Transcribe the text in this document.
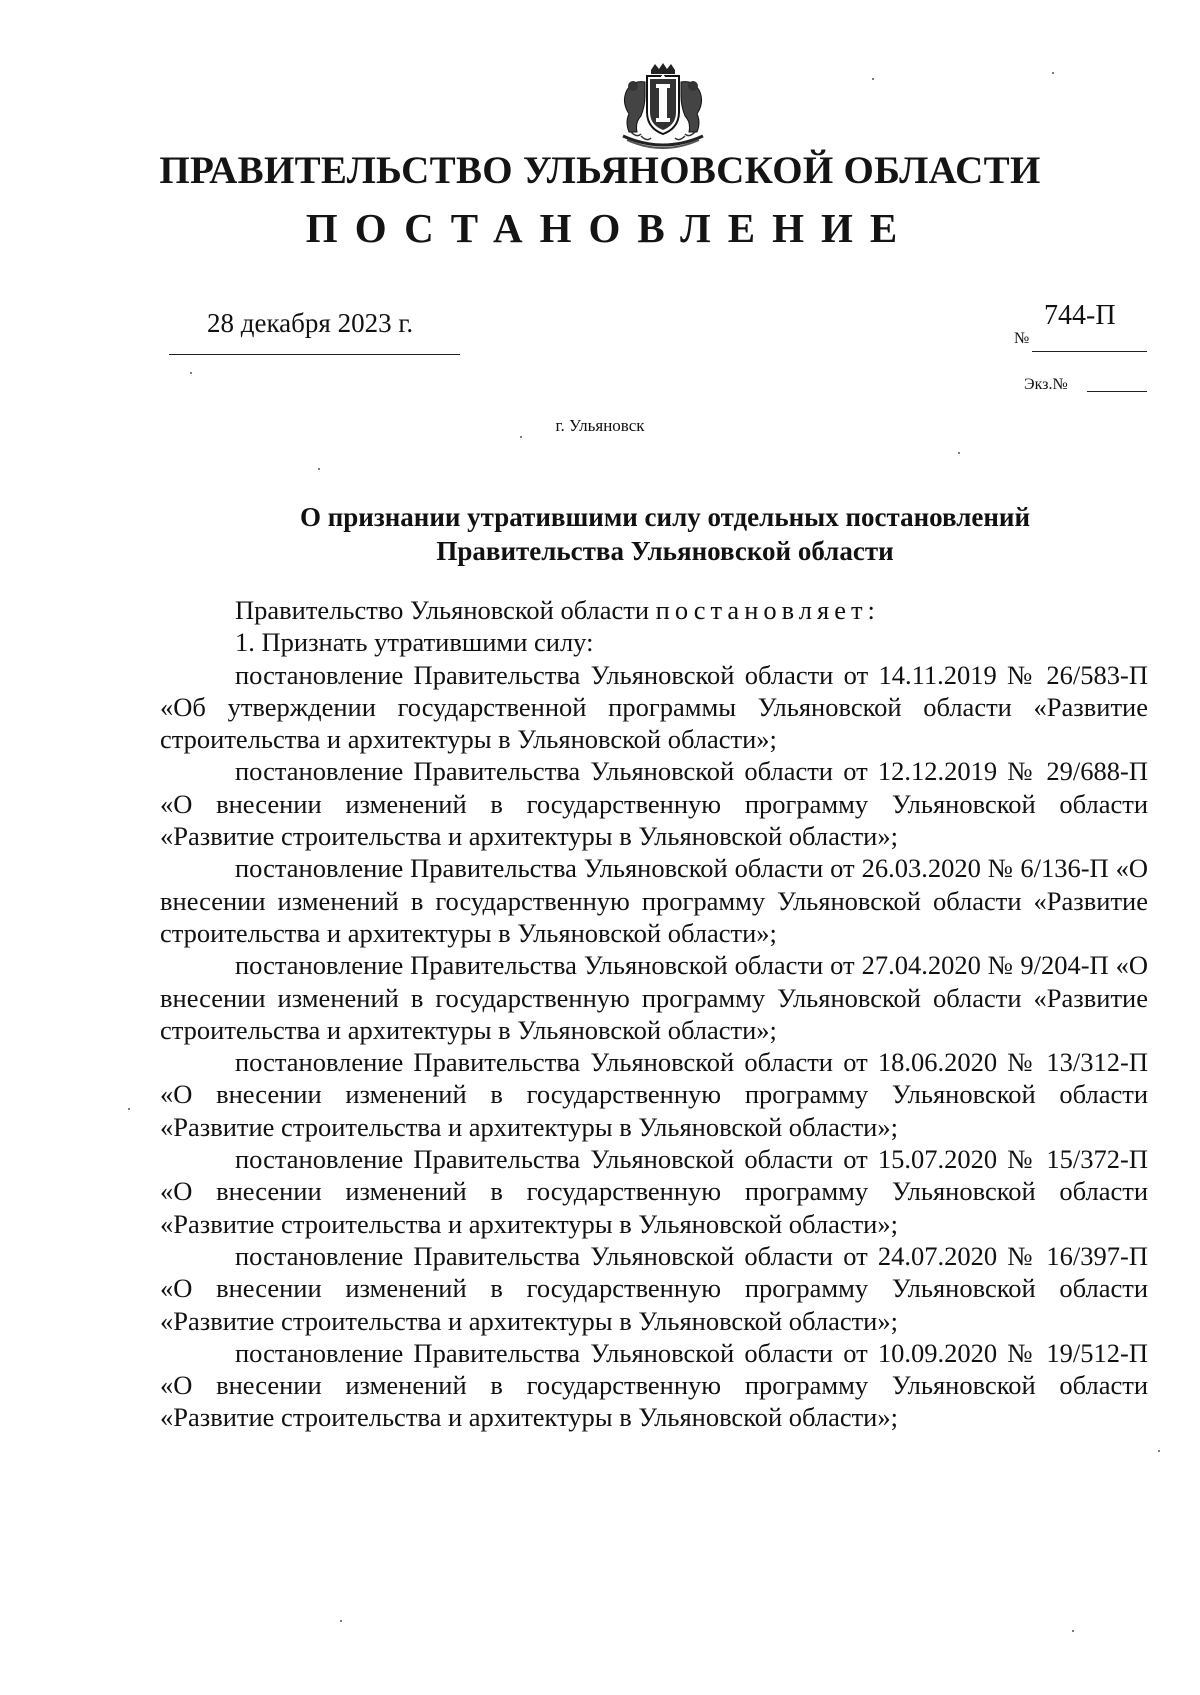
ПРАВИТЕЛЬСТВО УЛЬЯНОВСКОЙ ОБЛАСТИ
ПОСТАНОВЛЕНИЕ
28 декабря 2023 г.	744-П
№
Экз.№
г. Ульяновск
О признании утратившими силу отдельных постановлений
Правительства Ульяновской области

Правительство Ульяновской области постановляет:

1. Признать утратившими силу:

постановление Правительства Ульяновской области от 14.11.2019 № 26/583-П «Об утверждении государственной программы Ульяновской области «Развитие строительства и архитектуры в Ульяновской области»;

постановление Правительства Ульяновской области от 12.12.2019 № 29/688-П «О внесении изменений в государственную программу Ульяновской области «Развитие строительства и архитектуры в Ульяновской области»;

постановление Правительства Ульяновской области от 26.03.2020 № 6/136-П «О внесении изменений в государственную программу Ульяновской области «Развитие строительства и архитектуры в Ульяновской области»;

постановление Правительства Ульяновской области от 27.04.2020 № 9/204-П «О внесении изменений в государственную программу Ульяновской области «Развитие строительства и архитектуры в Ульяновской области»;

постановление Правительства Ульяновской области от 18.06.2020 № 13/312-П «О внесении изменений в государственную программу Ульяновской области «Развитие строительства и архитектуры в Ульяновской области»;

постановление Правительства Ульяновской области от 15.07.2020 № 15/372-П «О внесении изменений в государственную программу Ульяновской области «Развитие строительства и архитектуры в Ульяновской области»;

постановление Правительства Ульяновской области от 24.07.2020 № 16/397-П «О внесении изменений в государственную программу Ульяновской области «Развитие строительства и архитектуры в Ульяновской области»;

постановление Правительства Ульяновской области от 10.09.2020 № 19/512-П «О внесении изменений в государственную программу Ульяновской области «Развитие строительства и архитектуры в Ульяновской области»;
